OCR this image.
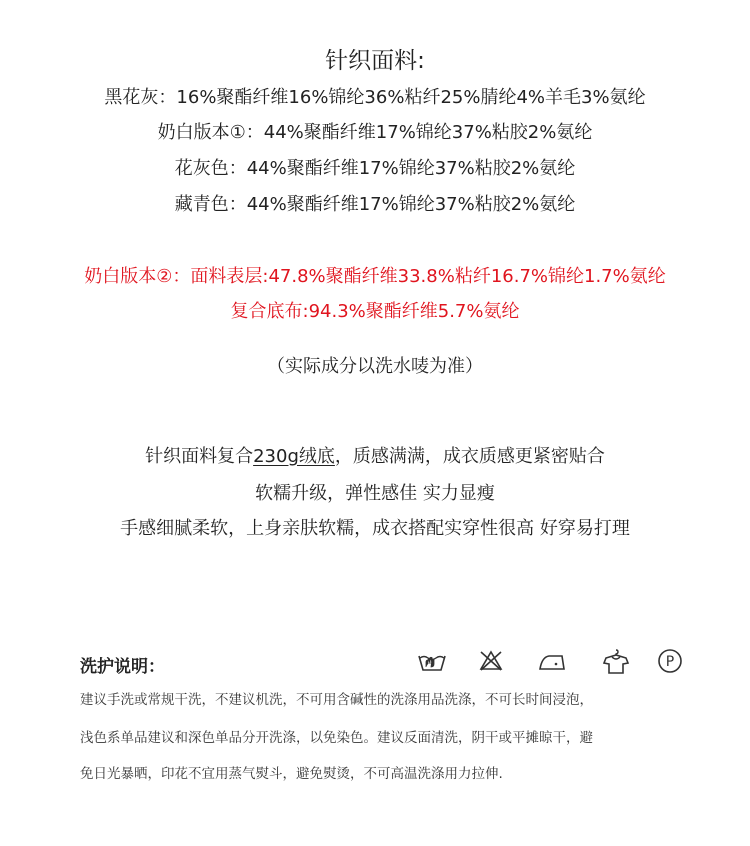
针织面料:
黑花灰：16%聚酯纤维16%锦纶36%粘纤25%腈纶4%羊毛3%氨纶
奶白版本①：44%聚酯纤维17%锦纶37%粘胶2%氨纶
花灰色：44%聚酯纤维17%锦纶37%粘胶2%氨纶
藏青色：44%聚酯纤维17%锦纶37%粘胶2%氨纶
奶白版本②：面料表层:47.8%聚酯纤维33.8%粘纤16.7%锦纶1.7%氨纶
复合底布:94.3%聚酯纤维5.7%氨纶
（实际成分以洗水唛为准）
针织面料复合230g绒底，质感满满，成衣质感更紧密贴合
软糯升级，弹性感佳 实力显瘦
手感细腻柔软，上身亲肤软糯，成衣搭配实穿性很高 好穿易打理
洗护说明：	P
建议手洗或常规干洗，不建议机洗，不可用含碱性的洗涤用品洗涤，不可长时间浸泡，
浅色系单品建议和深色单品分开洗涤，以免染色。建议反面清洗，阴干或平摊晾干，避
免日光暴晒，印花不宜用蒸气熨斗，避免熨烫，不可高温洗涤用力拉伸.
